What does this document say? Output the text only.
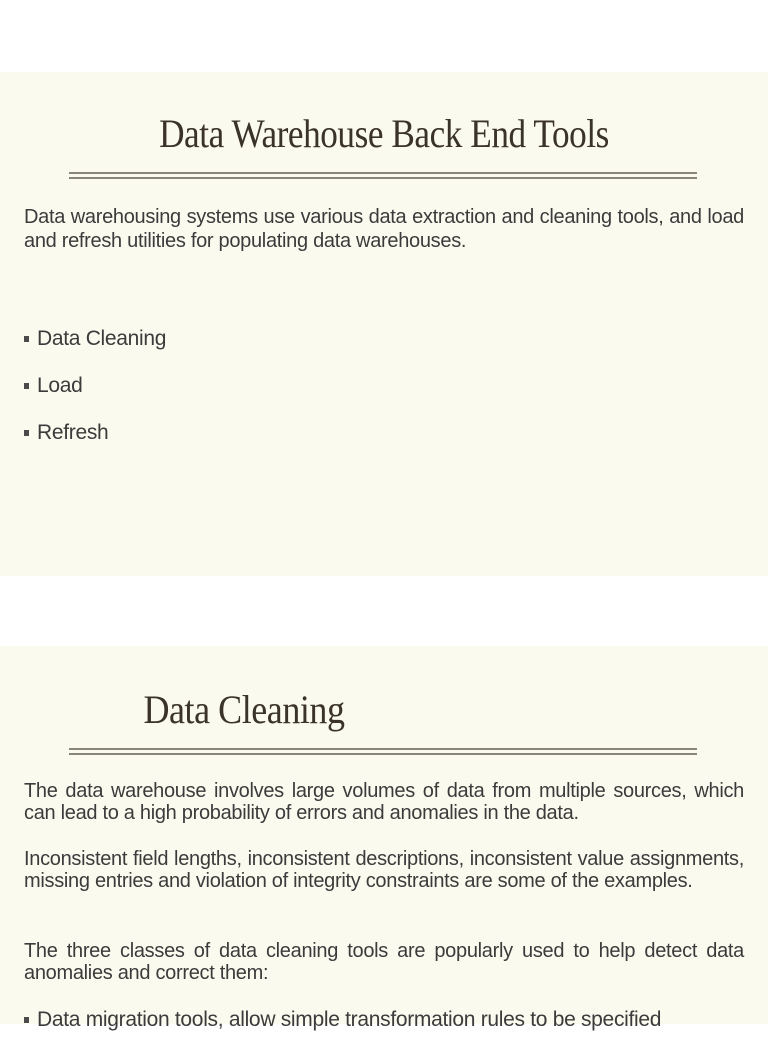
Data Warehouse Back End Tools

Data warehousing systems use various data extraction and cleaning tools, and load and refresh utilities for populating data warehouses.

Data Cleaning
Load
Refresh
Data Cleaning

The data warehouse involves large volumes of data from multiple sources, which can lead to a high probability of errors and anomalies in the data.

Inconsistent field lengths, inconsistent descriptions, inconsistent value assignments, missing entries and violation of integrity constraints are some of the examples.

The three classes of data cleaning tools are popularly used to help detect data anomalies and correct them:

Data migration tools, allow simple transformation rules to be specified
